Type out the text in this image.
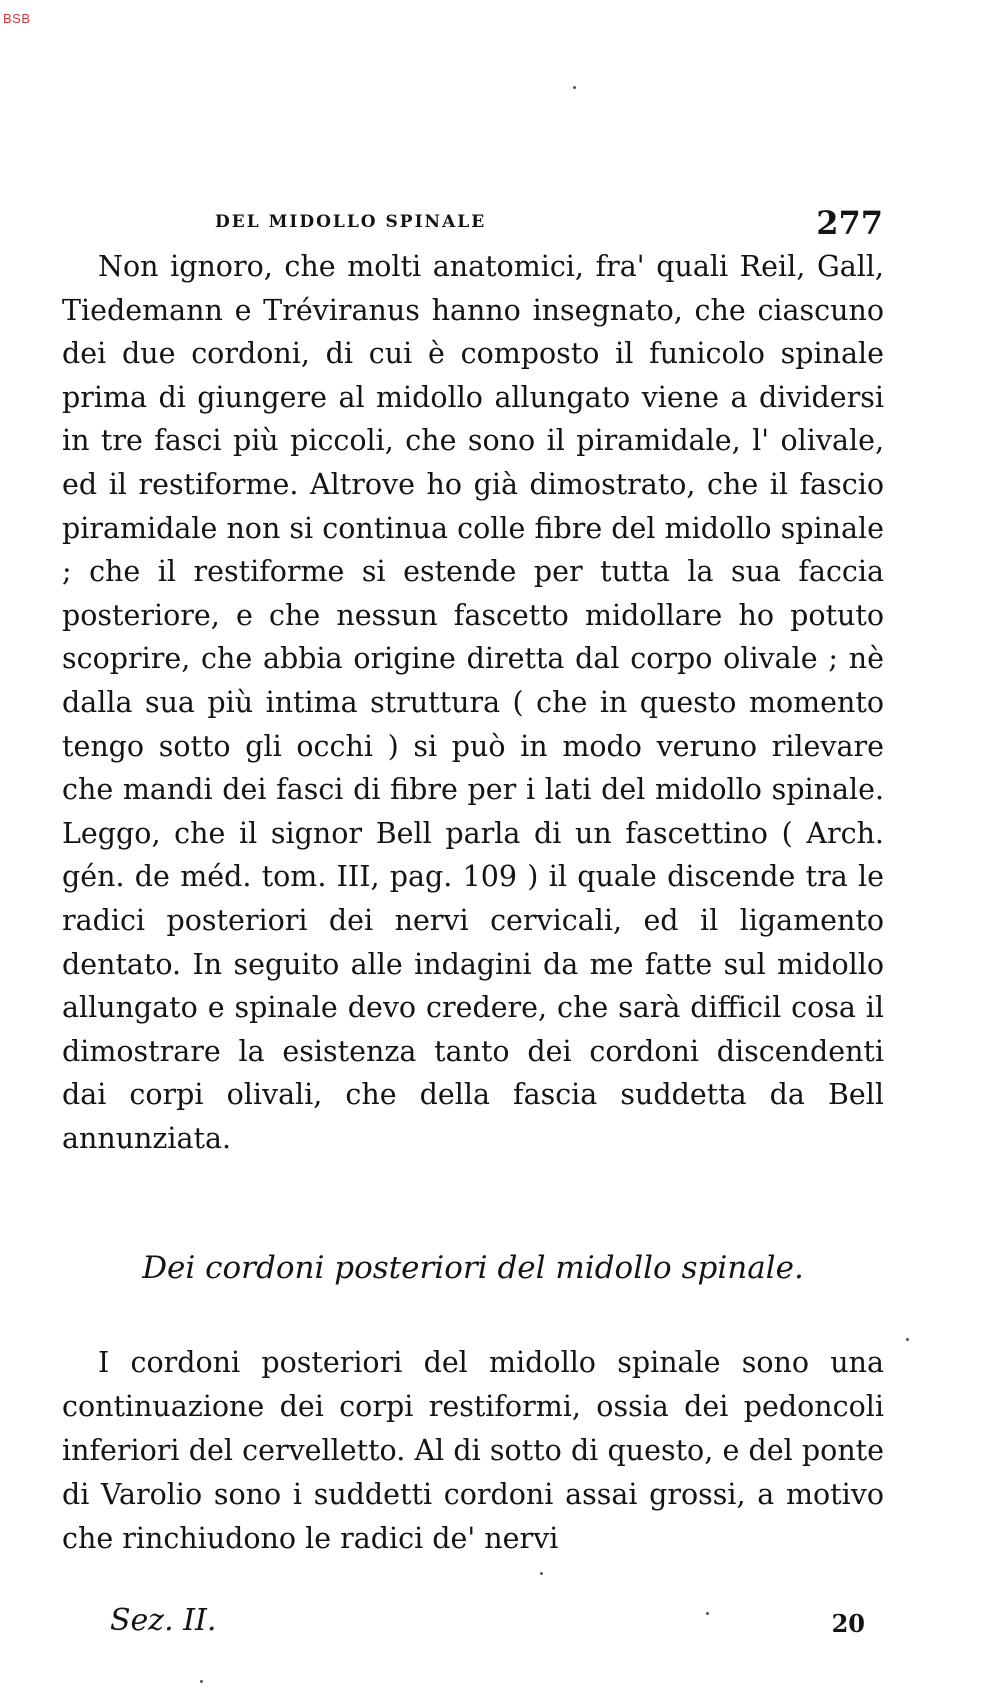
BSB
DEL MIDOLLO SPINALE	277

Non ignoro, che molti anatomici, fra' quali Reil, Gall, Tiedemann e Tréviranus hanno insegnato, che ciascuno dei due cordoni, di cui è composto il funicolo spinale prima di giungere al midollo allungato viene a dividersi in tre fasci più piccoli, che sono il piramidale, l' olivale, ed il restiforme. Altrove ho già dimostrato, che il fascio piramidale non si continua colle fibre del midollo spinale ; che il restiforme si estende per tutta la sua faccia posteriore, e che nessun fascetto midollare ho potuto scoprire, che abbia origine diretta dal corpo olivale ; nè dalla sua più intima struttura ( che in questo momento tengo sotto gli occhi ) si può in modo veruno rilevare che mandi dei fasci di fibre per i lati del midollo spinale. Leggo, che il signor Bell parla di un fascettino ( Arch. gén. de méd. tom. III, pag. 109 ) il quale discende tra le radici posteriori dei nervi cervicali, ed il ligamento dentato. In seguito alle indagini da me fatte sul midollo allungato e spinale devo credere, che sarà difficil cosa il dimostrare la esistenza tanto dei cordoni discendenti dai corpi olivali, che della fascia suddetta da Bell annunziata.

Dei cordoni posteriori del midollo spinale.

I cordoni posteriori del midollo spinale sono una continuazione dei corpi restiformi, ossia dei pedoncoli inferiori del cervelletto. Al di sotto di questo, e del ponte di Varolio sono i suddetti cordoni assai grossi, a motivo che rinchiudono le radici de' nervi

Sez. II.	20
